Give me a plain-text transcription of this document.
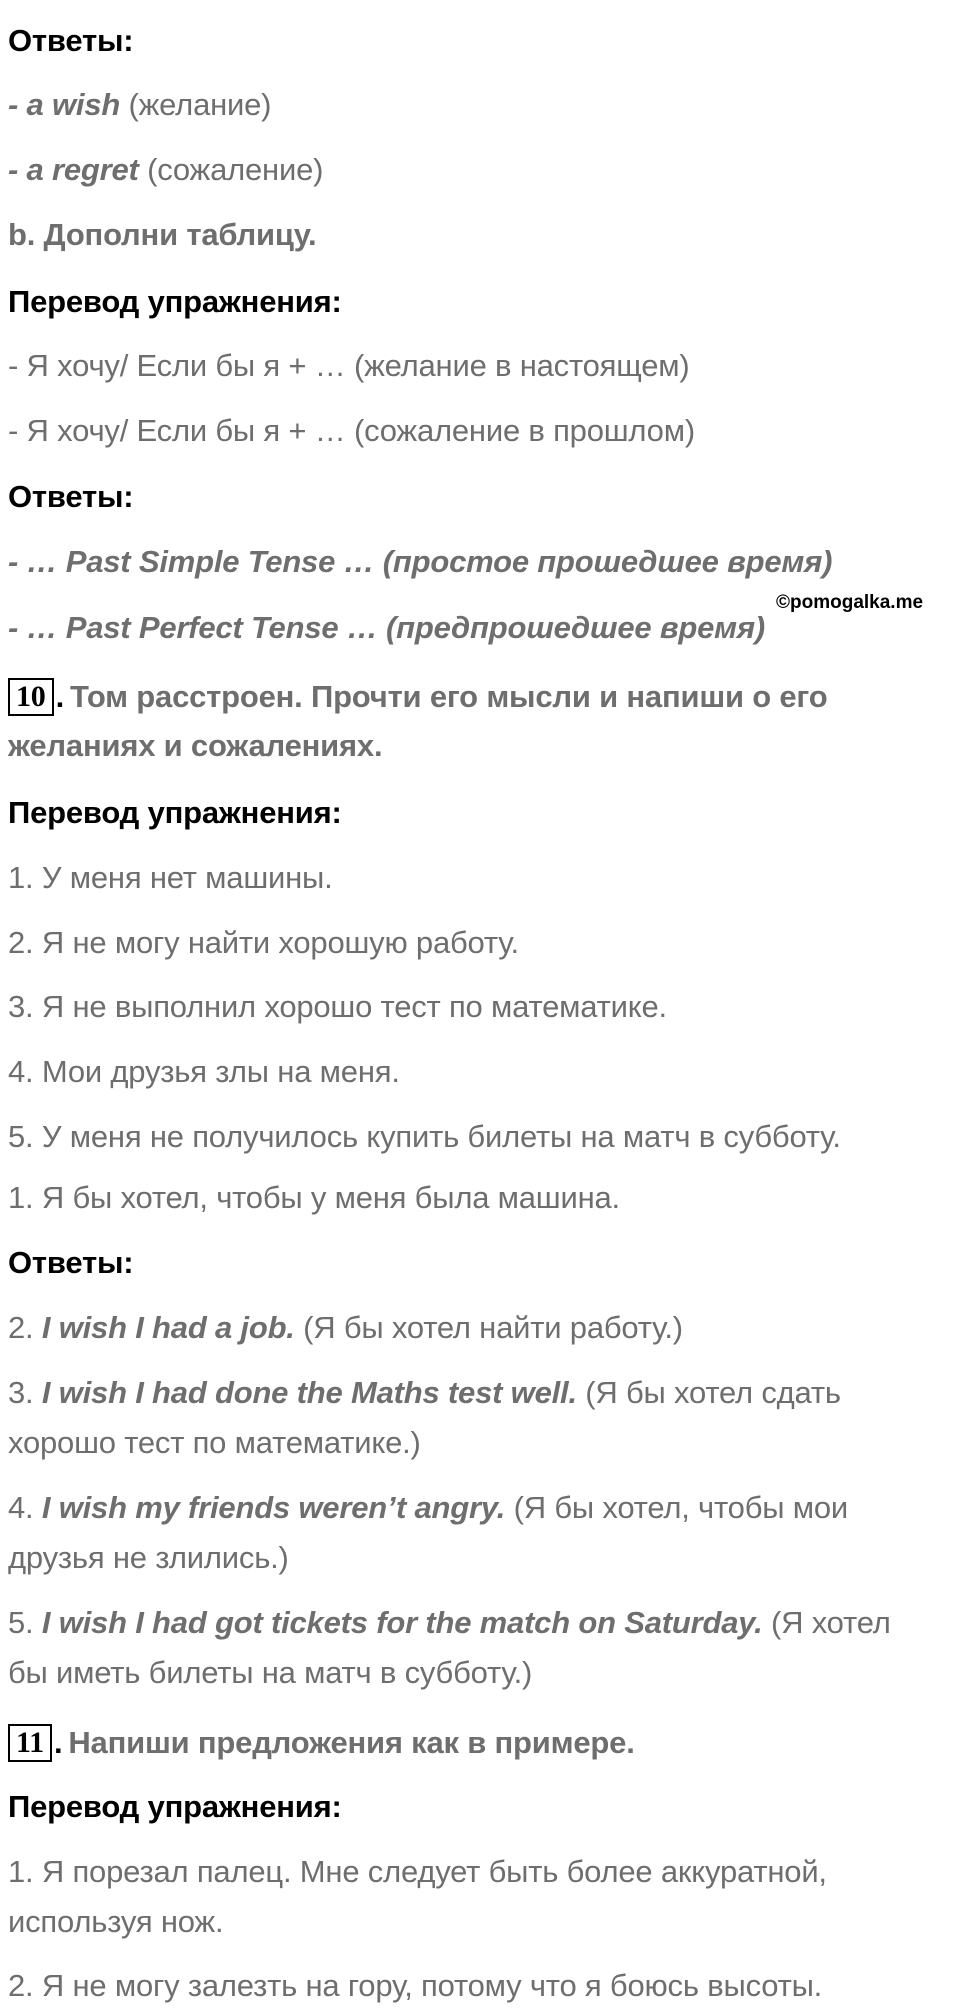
Ответы:
- a wish (желание)
- a regret (сожаление)
b. Дополни таблицу.
Перевод упражнения:
- Я хочу/ Если бы я + … (желание в настоящем)
- Я хочу/ Если бы я + … (сожаление в прошлом)
Ответы:
- … Past Simple Tense … (простое прошедшее время)
©pomogalka.me
- … Past Perfect Tense … (предпрошедшее время)
10 . Том расстроен. Прочти его мысли и напиши о его
желаниях и сожалениях.
Перевод упражнения:
1. У меня нет машины.
2. Я не могу найти хорошую работу.
3. Я не выполнил хорошо тест по математике.
4. Мои друзья злы на меня.
5. У меня не получилось купить билеты на матч в субботу.
1. Я бы хотел, чтобы у меня была машина.
Ответы:
2. I wish I had a job. (Я бы хотел найти работу.)
3. I wish I had done the Maths test well. (Я бы хотел сдать
хорошо тест по математике.)
4. I wish my friends weren’t angry. (Я бы хотел, чтобы мои
друзья не злились.)
5. I wish I had got tickets for the match on Saturday. (Я хотел
бы иметь билеты на матч в субботу.)
11 . Напиши предложения как в примере.
Перевод упражнения:
1. Я порезал палец. Мне следует быть более аккуратной,
используя нож.
2. Я не могу залезть на гору, потому что я боюсь высоты.
